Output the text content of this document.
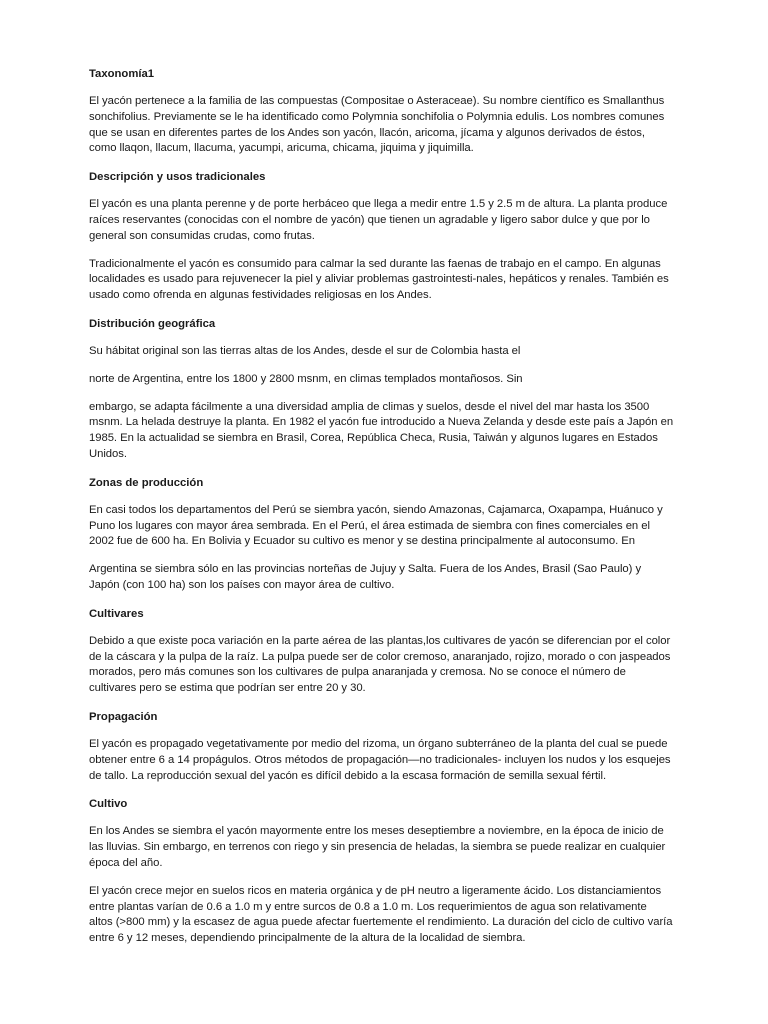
Taxonomía1
El yacón pertenece a la familia de las compuestas (Compositae o Asteraceae). Su nombre científico es Smallanthus
sonchifolius. Previamente se le ha identificado como Polymnia sonchifolia o Polymnia edulis. Los nombres comunes
que se usan en diferentes partes de los Andes son yacón, llacón, aricoma, jícama y algunos derivados de éstos,
como llaqon, llacum, llacuma, yacumpi, aricuma, chicama, jiquima y jiquimilla.
Descripción y usos tradicionales
El yacón es una planta perenne y de porte herbáceo que llega a medir entre 1.5 y 2.5 m de altura. La planta produce
raíces reservantes (conocidas con el nombre de yacón) que tienen un agradable y ligero sabor dulce y que por lo
general son consumidas crudas, como frutas.
Tradicionalmente el yacón es consumido para calmar la sed durante las faenas de trabajo en el campo. En algunas
localidades es usado para rejuvenecer la piel y aliviar problemas gastrointesti-nales, hepáticos y renales. También es
usado como ofrenda en algunas festividades religiosas en los Andes.
Distribución geográfica
Su hábitat original son las tierras altas de los Andes, desde el sur de Colombia hasta el
norte de Argentina, entre los 1800 y 2800 msnm, en climas templados montañosos. Sin
embargo, se adapta fácilmente a una diversidad amplia de climas y suelos, desde el nivel del mar hasta los 3500
msnm. La helada destruye la planta. En 1982 el yacón fue introducido a Nueva Zelanda y desde este país a Japón en
1985. En la actualidad se siembra en Brasil, Corea, República Checa, Rusia, Taiwán y algunos lugares en Estados
Unidos.
Zonas de producción
En casi todos los departamentos del Perú se siembra yacón, siendo Amazonas, Cajamarca, Oxapampa, Huánuco y
Puno los lugares con mayor área sembrada. En el Perú, el área estimada de siembra con fines comerciales en el
2002 fue de 600 ha. En Bolivia y Ecuador su cultivo es menor y se destina principalmente al autoconsumo. En
Argentina se siembra sólo en las provincias norteñas de Jujuy y Salta. Fuera de los Andes, Brasil (Sao Paulo) y
Japón (con 100 ha) son los países con mayor área de cultivo.
Cultivares
Debido a que existe poca variación en la parte aérea de las plantas,los cultivares de yacón se diferencian por el color
de la cáscara y la pulpa de la raíz. La pulpa puede ser de color cremoso, anaranjado, rojizo, morado o con jaspeados
morados, pero más comunes son los cultivares de pulpa anaranjada y cremosa. No se conoce el número de
cultivares pero se estima que podrían ser entre 20 y 30.
Propagación
El yacón es propagado vegetativamente por medio del rizoma, un órgano subterráneo de la planta del cual se puede
obtener entre 6 a 14 propágulos. Otros métodos de propagación—no tradicionales- incluyen los nudos y los esquejes
de tallo. La reproducción sexual del yacón es difícil debido a la escasa formación de semilla sexual fértil.
Cultivo
En los Andes se siembra el yacón mayormente entre los meses deseptiembre a noviembre, en la época de inicio de
las lluvias. Sin embargo, en terrenos con riego y sin presencia de heladas, la siembra se puede realizar en cualquier
época del año.
El yacón crece mejor en suelos ricos en materia orgánica y de pH neutro a ligeramente ácido. Los distanciamientos
entre plantas varían de 0.6 a 1.0 m y entre surcos de 0.8 a 1.0 m. Los requerimientos de agua son relativamente
altos (>800 mm) y la escasez de agua puede afectar fuertemente el rendimiento. La duración del ciclo de cultivo varía
entre 6 y 12 meses, dependiendo principalmente de la altura de la localidad de siembra.
